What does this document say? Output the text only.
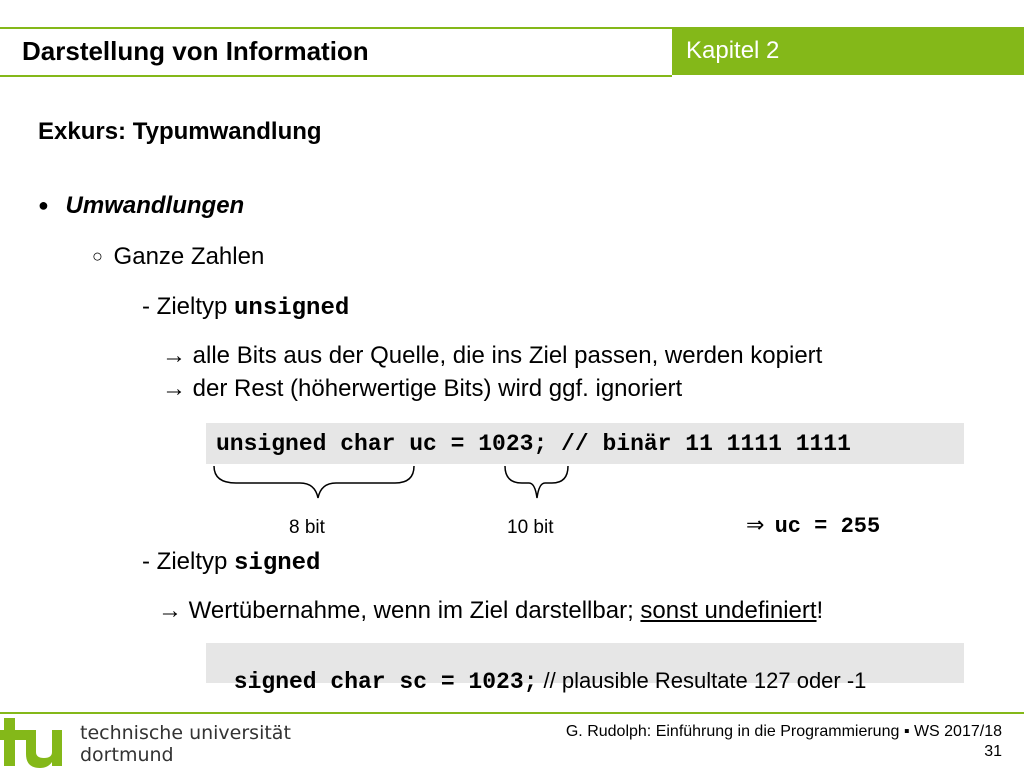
Darstellung von Information	Kapitel 2
Exkurs: Typumwandlung
● Umwandlungen
○ Ganze Zahlen
- Zieltyp unsigned
→ alle Bits aus der Quelle, die ins Ziel passen, werden kopiert
→ der Rest (höherwertige Bits) wird ggf. ignoriert
unsigned char uc = 1023; // binär 11 1111 1111
8 bit	10 bit	⇒ uc = 255
- Zieltyp signed
→ Wertübernahme, wenn im Ziel darstellbar; sonst undefiniert!

signed char sc = 1023; // plausible Resultate 127 oder -1

technische universität
dortmund
G. Rudolph: Einführung in die Programmierung ▪ WS 2017/18
31
